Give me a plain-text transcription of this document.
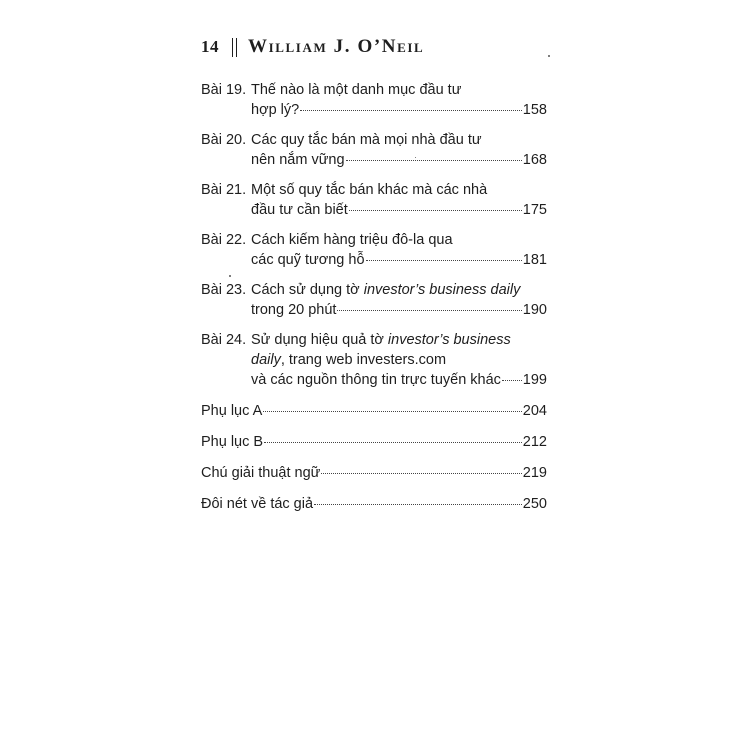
14 William J. O’Neil
Bài 19. Thế nào là một danh mục đầu tư
hợp lý?	158
Bài 20. Các quy tắc bán mà mọi nhà đầu tư
nên nắm vững	168
Bài 21. Một số quy tắc bán khác mà các nhà
đầu tư cần biết	175
Bài 22. Cách kiếm hàng triệu đô-la qua
các quỹ tương hỗ	181
Bài 23. Cách sử dụng tờ investor’s business daily
trong 20 phút	190
Bài 24. Sử dụng hiệu quả tờ investor’s business
daily, trang web investers.com
và các nguồn thông tin trực tuyến khác 199
Phụ lục A	204
Phụ lục B	212
Chú giải thuật ngữ	219
Đôi nét về tác giả	250
